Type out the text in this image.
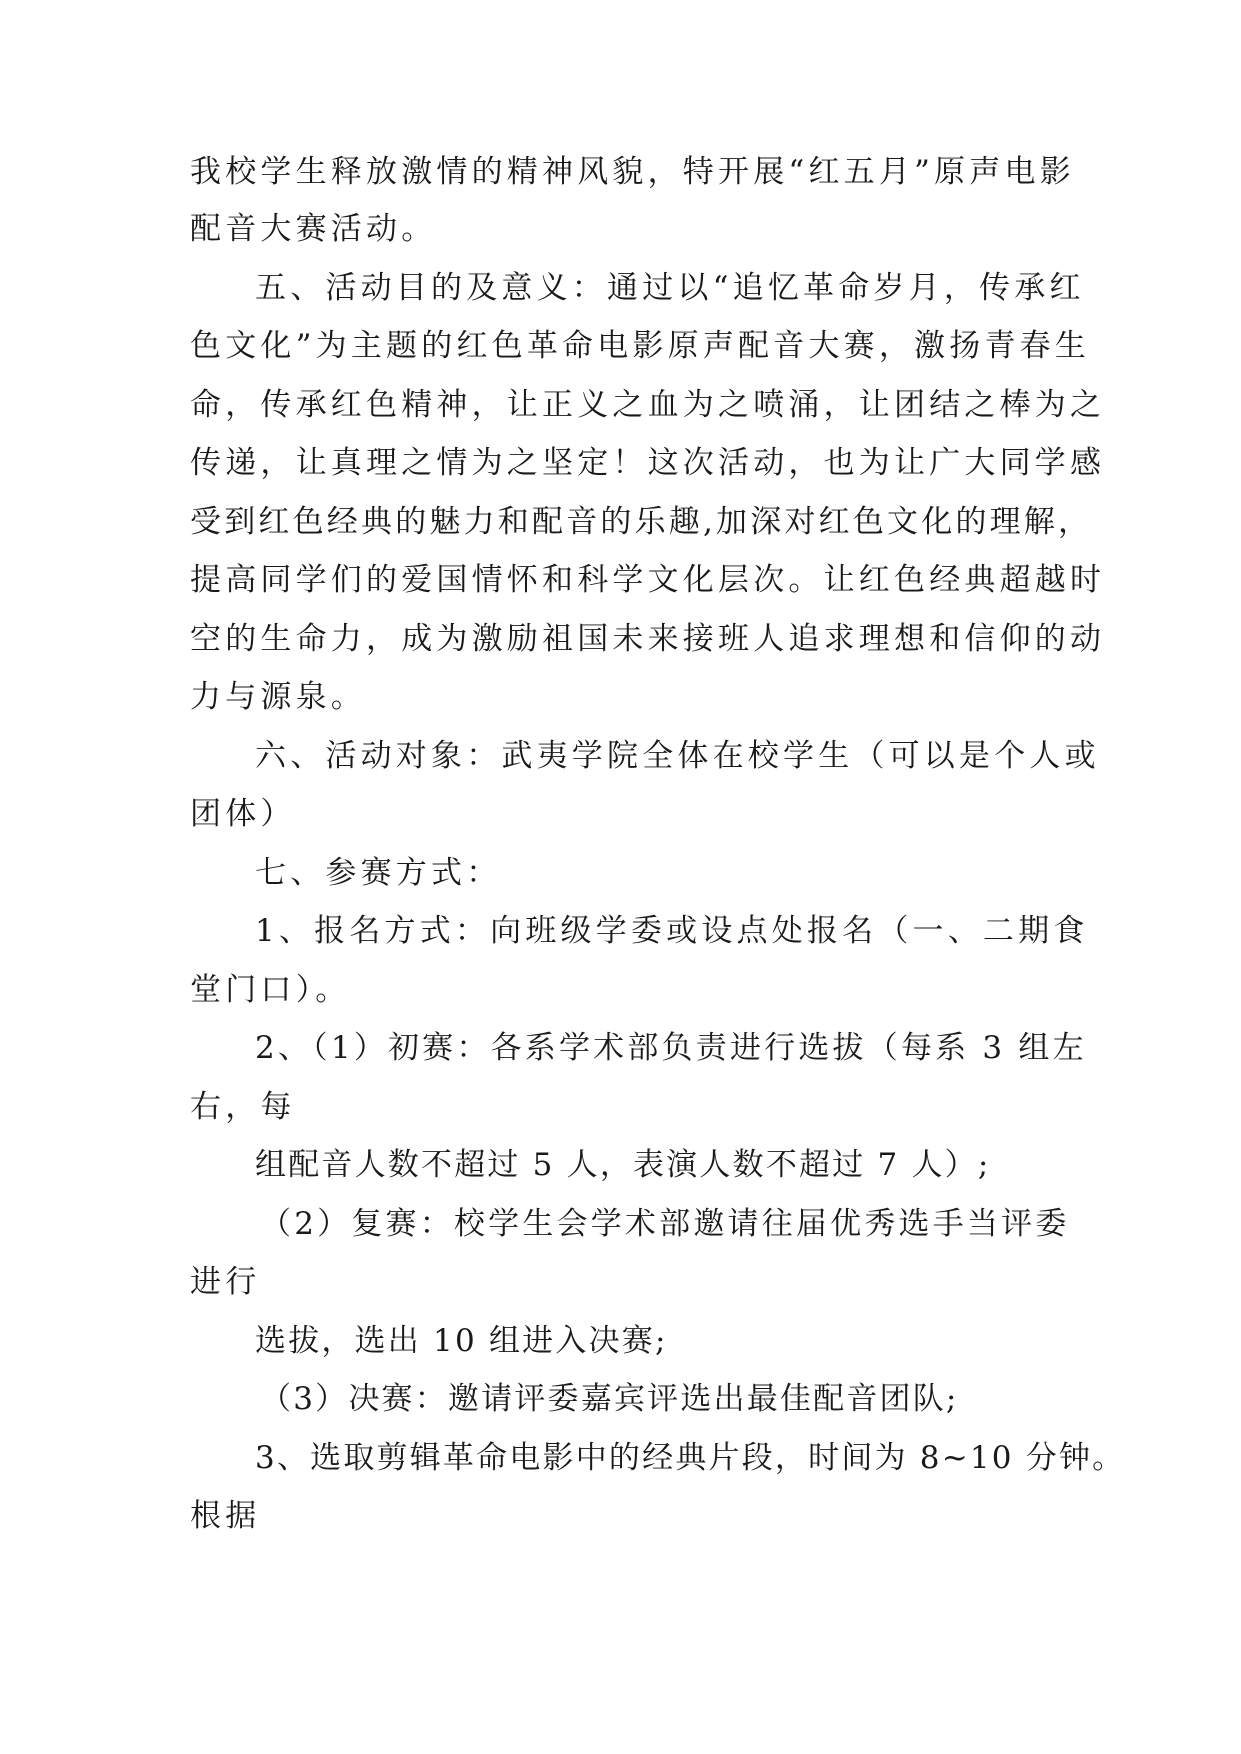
我校学生释放激情的精神风貌，特开展“红五月”原声电影
配音大赛活动。
五、活动目的及意义：通过以“追忆革命岁月，传承红
色文化”为主题的红色革命电影原声配音大赛，激扬青春生
命，传承红色精神，让正义之血为之喷涌，让团结之棒为之
传递，让真理之情为之坚定！这次活动，也为让广大同学感
受到红色经典的魅力和配音的乐趣,加深对红色文化的理解，
提高同学们的爱国情怀和科学文化层次。让红色经典超越时
空的生命力，成为激励祖国未来接班人追求理想和信仰的动
力与源泉。
六、活动对象：武夷学院全体在校学生（可以是个人或
团体）
七、参赛方式：
1、报名方式：向班级学委或设点处报名（一、二期食
堂门口）。
2、（1）初赛：各系学术部负责进行选拔（每系 3 组左
右，每
组配音人数不超过 5 人，表演人数不超过 7 人）;
（2）复赛：校学生会学术部邀请往届优秀选手当评委
进行
选拔，选出 10 组进入决赛;
（3）决赛：邀请评委嘉宾评选出最佳配音团队;
3、选取剪辑革命电影中的经典片段，时间为 8~10 分钟。
根据
